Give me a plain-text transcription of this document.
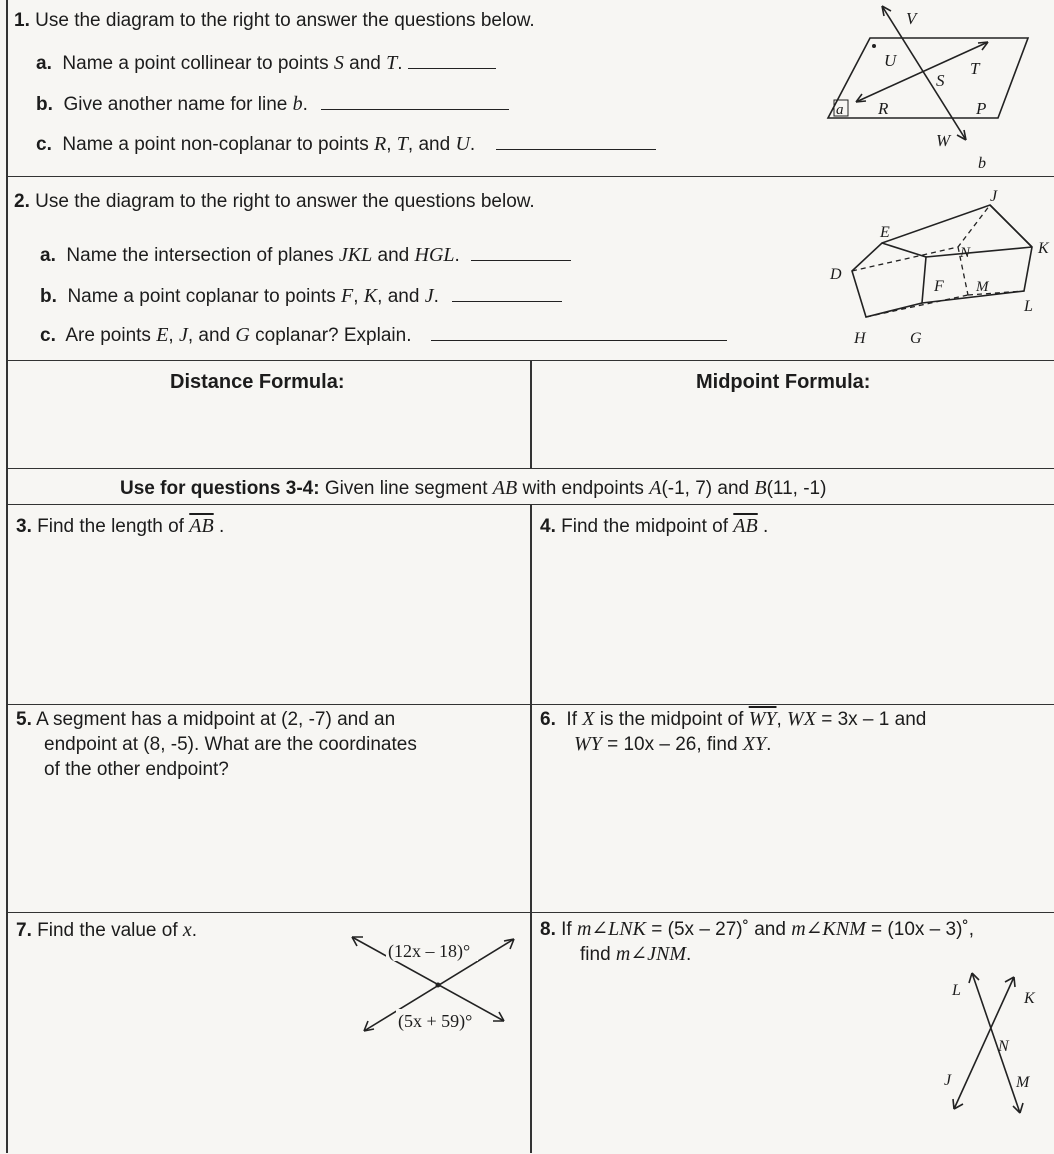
1. Use the diagram to the right to answer the questions below.
a. Name a point collinear to points S and T.
b. Give another name for line b.
c. Name a point non-coplanar to points R, T, and U.
V
U	T
S
a R	P
W
b
2. Use the diagram to the right to answer the questions below.
a. Name the intersection of planes JKL and HGL.
b. Name a point coplanar to points F, K, and J.
c. Are points E, J, and G coplanar? Explain.
J
E
K
N
D
F M
L
H	G
Distance Formula:	Midpoint Formula:
Use for questions 3-4: Given line segment AB with endpoints A(-1, 7) and B(11, -1)
3. Find the length of $\overline{AB}$ .	4. Find the midpoint of $\overline{AB}$ .
5. A segment has a midpoint at (2, -7) and an
endpoint at (8, -5). What are the coordinates
of the other endpoint?
6. If X is the midpoint of $\overline{WY}$, WX = 3x – 1 and
WY = 10x – 26, find XY.
7. Find the value of x.
(12x – 18)°
(5x + 59)°
8. If m∠LNK = (5x – 27)˚ and m∠KNM = (10x – 3)˚,
find m∠JNM.
L	K
N
J	M
